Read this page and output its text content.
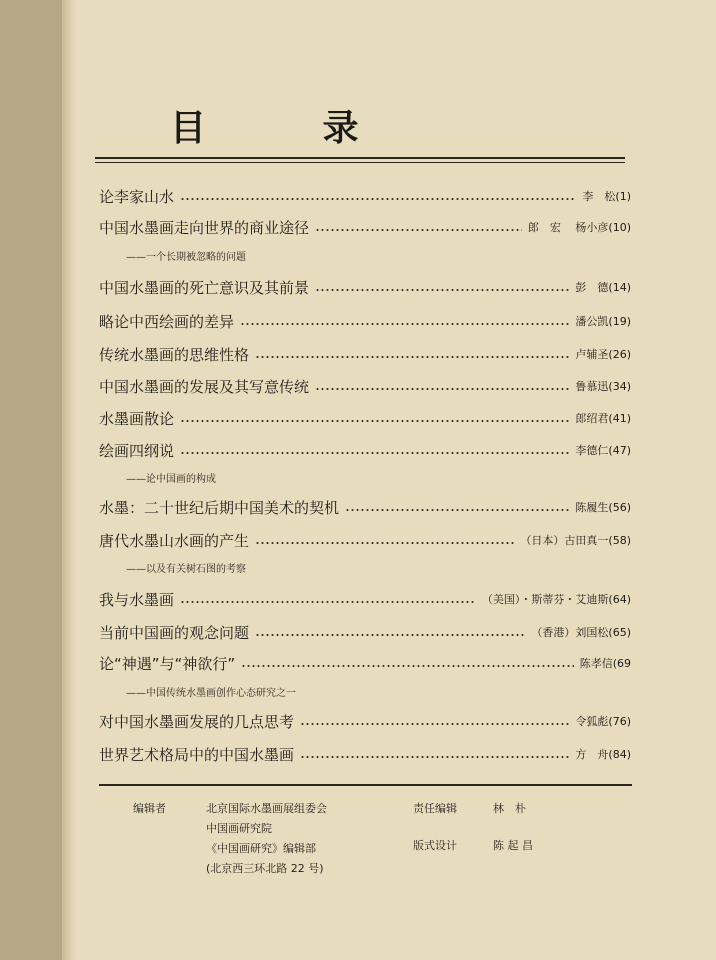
目 录
论李家山水	李　松 (1)
中国水墨画走向世界的商业途径	郎　宏　 杨小彦 (10)
——一个长期被忽略的问题
中国水墨画的死亡意识及其前景	彭　德 (14)
略论中西绘画的差异	潘公凯 (19)
传统水墨画的思维性格	卢辅圣 (26)
中国水墨画的发展及其写意传统	鲁慕迅 (34)
水墨画散论	郎绍君 (41)
绘画四纲说	李德仁 (47)
——论中国画的构成
水墨：二十世纪后期中国美术的契机	陈履生 (56)
唐代水墨山水画的产生	（日本）古田真一 (58)
——以及有关树石图的考察
我与水墨画	（美国）・斯蒂芬・艾迪斯 (64)
当前中国画的观念问题	（香港）刘国松 (65)
论“神遇”与“神欲行”	陈孝信 (69
——中国传统水墨画创作心态研究之一
对中国水墨画发展的几点思考	令狐彪 (76)
世界艺术格局中的中国水墨画	方　舟 (84)
编辑者	北京国际水墨画展组委会
中国画研究院
《中国画研究》编辑部
(北京西三环北路 22 号)
责任编辑	林　朴
版式设计	陈 起 昌
